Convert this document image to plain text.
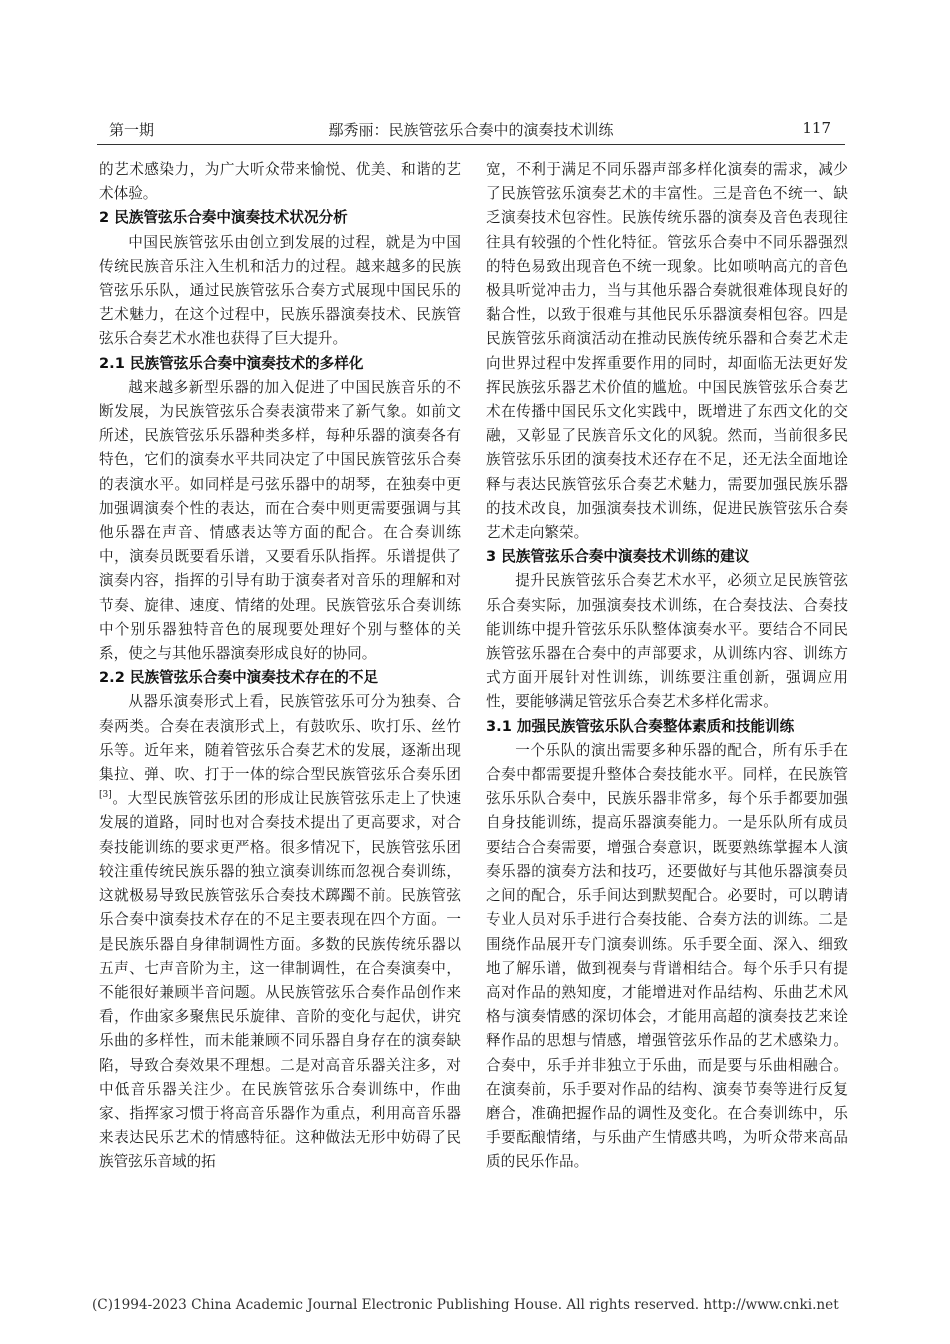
第一期	鄢秀丽：民族管弦乐合奏中的演奏技术训练	117

的艺术感染力，为广大听众带来愉悦、优美、和谐的艺术体验。

2 民族管弦乐合奏中演奏技术状况分析

中国民族管弦乐由创立到发展的过程，就是为中国传统民族音乐注入生机和活力的过程。越来越多的民族管弦乐乐队，通过民族管弦乐合奏方式展现中国民乐的艺术魅力，在这个过程中，民族乐器演奏技术、民族管弦乐合奏艺术水准也获得了巨大提升。

2.1 民族管弦乐合奏中演奏技术的多样化

越来越多新型乐器的加入促进了中国民族音乐的不断发展，为民族管弦乐合奏表演带来了新气象。如前文所述，民族管弦乐乐器种类多样，每种乐器的演奏各有特色，它们的演奏水平共同决定了中国民族管弦乐合奏的表演水平。如同样是弓弦乐器中的胡琴，在独奏中更加强调演奏个性的表达，而在合奏中则更需要强调与其他乐器在声音、情感表达等方面的配合。在合奏训练中，演奏员既要看乐谱，又要看乐队指挥。乐谱提供了演奏内容，指挥的引导有助于演奏者对音乐的理解和对节奏、旋律、速度、情绪的处理。民族管弦乐合奏训练中个别乐器独特音色的展现要处理好个别与整体的关系，使之与其他乐器演奏形成良好的协同。

2.2 民族管弦乐合奏中演奏技术存在的不足

从器乐演奏形式上看，民族管弦乐可分为独奏、合奏两类。合奏在表演形式上，有鼓吹乐、吹打乐、丝竹乐等。近年来，随着管弦乐合奏艺术的发展，逐渐出现集拉、弹、吹、打于一体的综合型民族管弦乐合奏乐团[3]。大型民族管弦乐团的形成让民族管弦乐走上了快速发展的道路，同时也对合奏技术提出了更高要求，对合奏技能训练的要求更严格。很多情况下，民族管弦乐团较注重传统民族乐器的独立演奏训练而忽视合奏训练，这就极易导致民族管弦乐合奏技术踯躅不前。民族管弦乐合奏中演奏技术存在的不足主要表现在四个方面。一是民族乐器自身律制调性方面。多数的民族传统乐器以五声、七声音阶为主，这一律制调性，在合奏演奏中，不能很好兼顾半音问题。从民族管弦乐合奏作品创作来看，作曲家多聚焦民乐旋律、音阶的变化与起伏，讲究乐曲的多样性，而未能兼顾不同乐器自身存在的演奏缺陷，导致合奏效果不理想。二是对高音乐器关注多，对中低音乐器关注少。在民族管弦乐合奏训练中，作曲家、指挥家习惯于将高音乐器作为重点，利用高音乐器来表达民乐艺术的情感特征。这种做法无形中妨碍了民族管弦乐音域的拓

宽，不利于满足不同乐器声部多样化演奏的需求，减少了民族管弦乐演奏艺术的丰富性。三是音色不统一、缺乏演奏技术包容性。民族传统乐器的演奏及音色表现往往具有较强的个性化特征。管弦乐合奏中不同乐器强烈的特色易致出现音色不统一现象。比如唢呐高亢的音色极具听觉冲击力，当与其他乐器合奏就很难体现良好的黏合性，以致于很难与其他民乐乐器演奏相包容。四是民族管弦乐商演活动在推动民族传统乐器和合奏艺术走向世界过程中发挥重要作用的同时，却面临无法更好发挥民族弦乐器艺术价值的尴尬。中国民族管弦乐合奏艺术在传播中国民乐文化实践中，既增进了东西文化的交融，又彰显了民族音乐文化的风貌。然而，当前很多民族管弦乐乐团的演奏技术还存在不足，还无法全面地诠释与表达民族管弦乐合奏艺术魅力，需要加强民族乐器的技术改良，加强演奏技术训练，促进民族管弦乐合奏艺术走向繁荣。

3 民族管弦乐合奏中演奏技术训练的建议

提升民族管弦乐合奏艺术水平，必须立足民族管弦乐合奏实际，加强演奏技术训练，在合奏技法、合奏技能训练中提升管弦乐乐队整体演奏水平。要结合不同民族管弦乐器在合奏中的声部要求，从训练内容、训练方式方面开展针对性训练，训练要注重创新，强调应用性，要能够满足管弦乐合奏艺术多样化需求。

3.1 加强民族管弦乐队合奏整体素质和技能训练

一个乐队的演出需要多种乐器的配合，所有乐手在合奏中都需要提升整体合奏技能水平。同样，在民族管弦乐乐队合奏中，民族乐器非常多，每个乐手都要加强自身技能训练，提高乐器演奏能力。一是乐队所有成员要结合合奏需要，增强合奏意识，既要熟练掌握本人演奏乐器的演奏方法和技巧，还要做好与其他乐器演奏员之间的配合，乐手间达到默契配合。必要时，可以聘请专业人员对乐手进行合奏技能、合奏方法的训练。二是围绕作品展开专门演奏训练。乐手要全面、深入、细致地了解乐谱，做到视奏与背谱相结合。每个乐手只有提高对作品的熟知度，才能增进对作品结构、乐曲艺术风格与演奏情感的深切体会，才能用高超的演奏技艺来诠释作品的思想与情感，增强管弦乐作品的艺术感染力。合奏中，乐手并非独立于乐曲，而是要与乐曲相融合。在演奏前，乐手要对作品的结构、演奏节奏等进行反复磨合，准确把握作品的调性及变化。在合奏训练中，乐手要酝酿情绪，与乐曲产生情感共鸣，为听众带来高品质的民乐作品。

(C)1994-2023 China Academic Journal Electronic Publishing House. All rights reserved. http://www.cnki.net
